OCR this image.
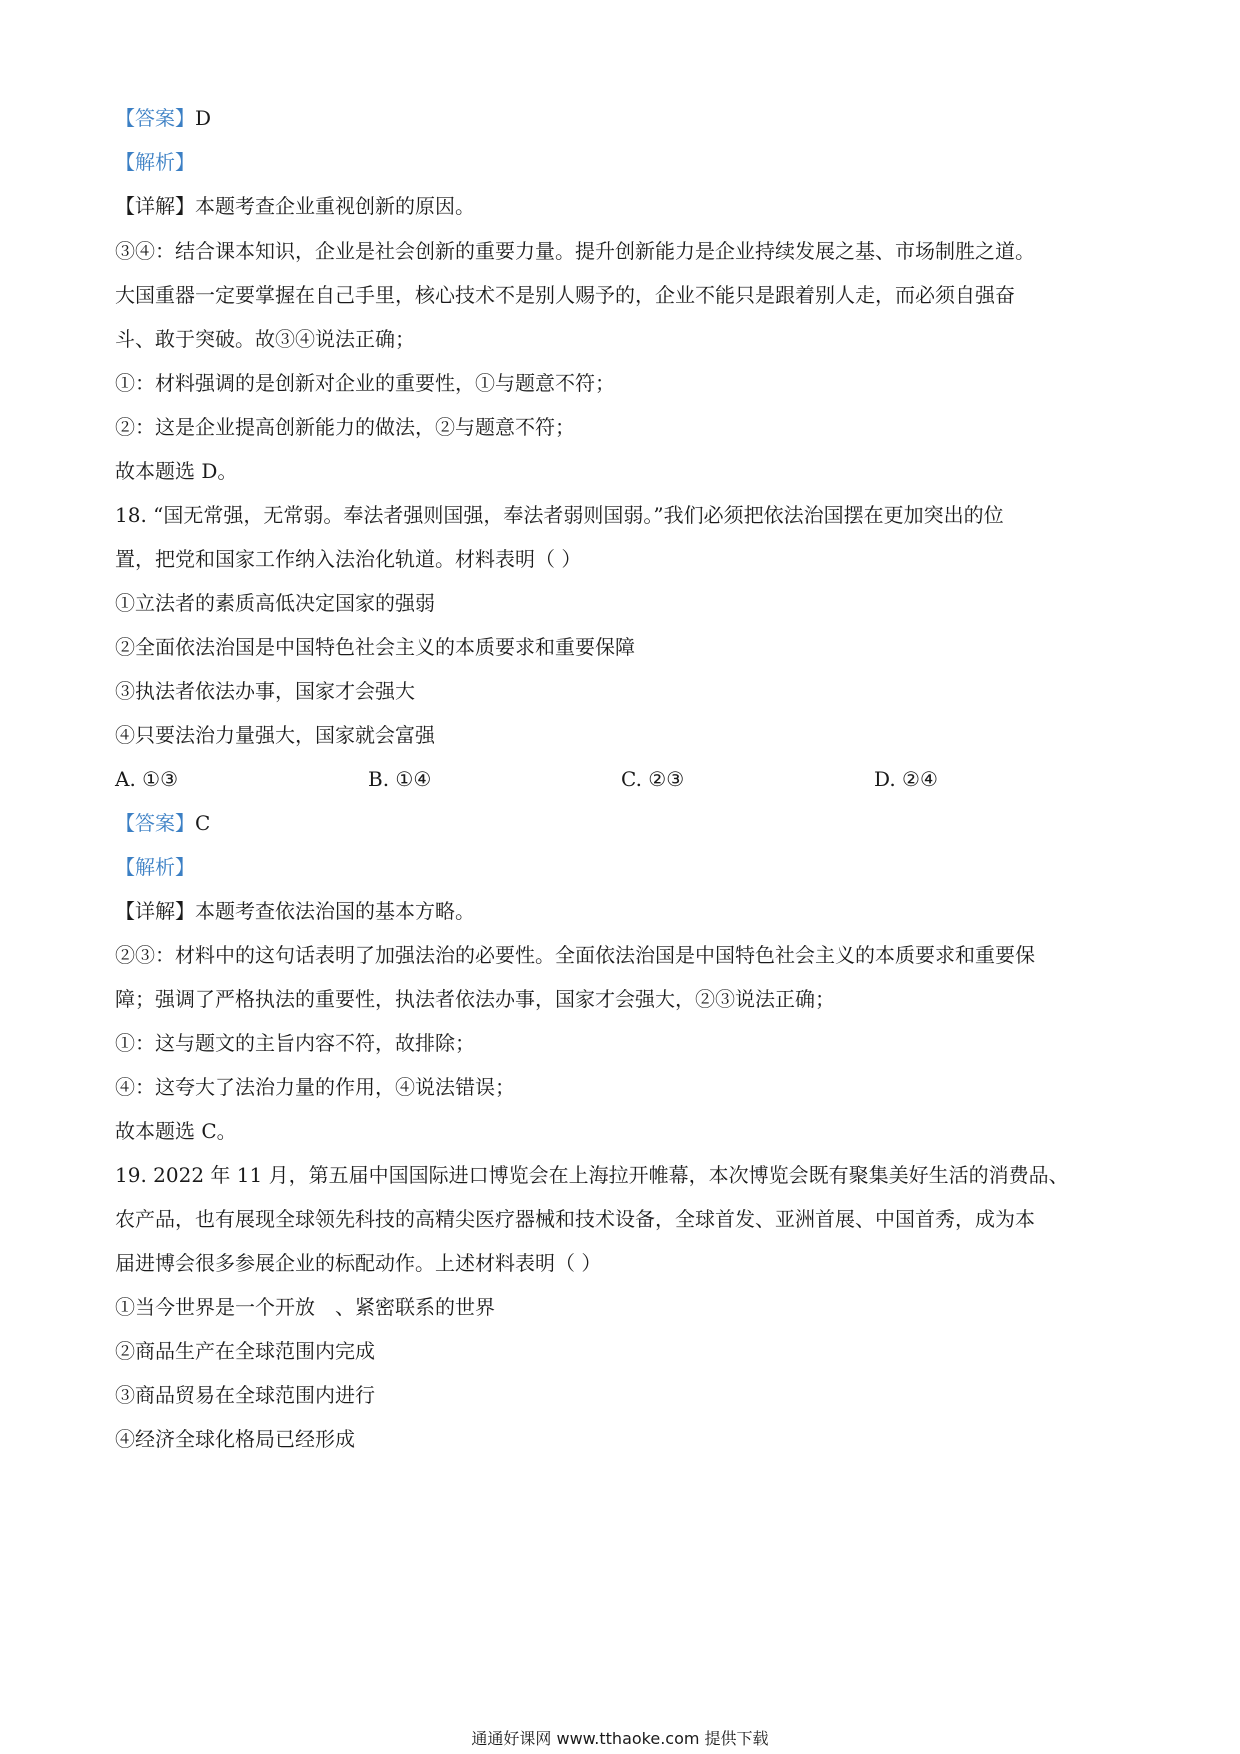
【答案】D
【解析】
【详解】本题考查企业重视创新的原因。
③④：结合课本知识，企业是社会创新的重要力量。提升创新能力是企业持续发展之基、市场制胜之道。
大国重器一定要掌握在自己手里，核心技术不是别人赐予的，企业不能只是跟着别人走，而必须自强奋
斗、敢于突破。故③④说法正确；
①：材料强调的是创新对企业的重要性，①与题意不符；
②：这是企业提高创新能力的做法，②与题意不符；
故本题选 D。
18. “国无常强，无常弱。奉法者强则国强，奉法者弱则国弱。”我们必须把依法治国摆在更加突出的位
置，把党和国家工作纳入法治化轨道。材料表明（ ）
①立法者的素质高低决定国家的强弱
②全面依法治国是中国特色社会主义的本质要求和重要保障
③执法者依法办事，国家才会强大
④只要法治力量强大，国家就会富强
A. ①③	B. ①④	C. ②③	D. ②④
【答案】C
【解析】
【详解】本题考查依法治国的基本方略。
②③：材料中的这句话表明了加强法治的必要性。全面依法治国是中国特色社会主义的本质要求和重要保
障；强调了严格执法的重要性，执法者依法办事，国家才会强大，②③说法正确；
①：这与题文的主旨内容不符，故排除；
④：这夸大了法治力量的作用，④说法错误；
故本题选 C。
19. 2022 年 11 月，第五届中国国际进口博览会在上海拉开帷幕，本次博览会既有聚集美好生活的消费品、
农产品，也有展现全球领先科技的高精尖医疗器械和技术设备，全球首发、亚洲首展、中国首秀，成为本
届进博会很多参展企业的标配动作。上述材料表明（ ）
①当今世界是一个开放　、紧密联系的世界
②商品生产在全球范围内完成
③商品贸易在全球范围内进行
④经济全球化格局已经形成
通通好课网 www.tthaoke.com 提供下载
